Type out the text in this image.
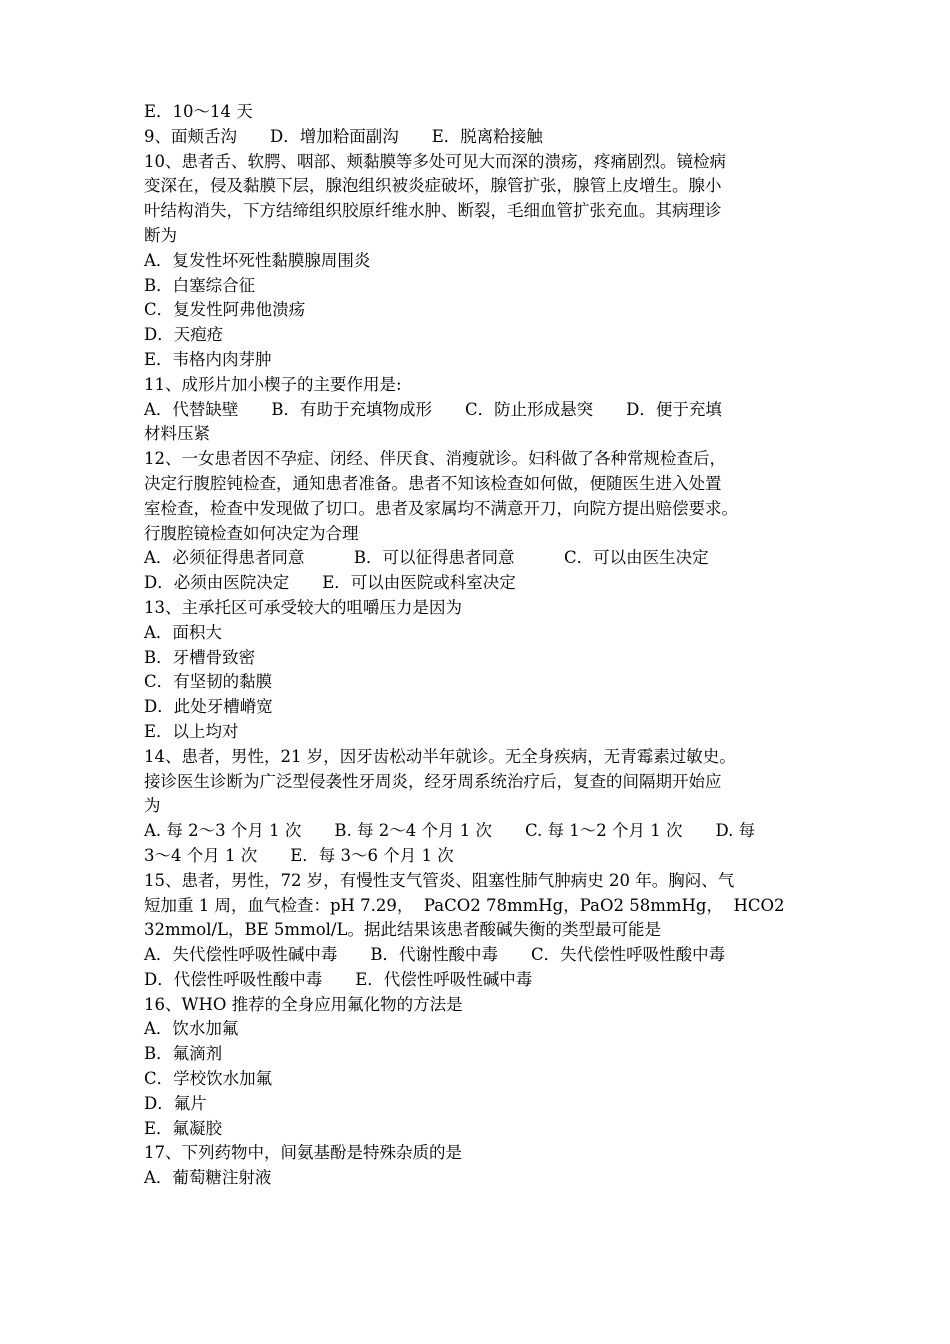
E．10～14 天
9、面颊舌沟　　D．增加粭面副沟　　E．脱离粭接触
10、患者舌、软腭、咽部、颊黏膜等多处可见大而深的溃疡，疼痛剧烈。镜检病
变深在，侵及黏膜下层，腺泡组织被炎症破坏，腺管扩张，腺管上皮增生。腺小
叶结构消失，下方结缔组织胶原纤维水肿、断裂，毛细血管扩张充血。其病理诊
断为
A．复发性坏死性黏膜腺周围炎
B．白塞综合征
C．复发性阿弗他溃疡
D．天疱疮
E．韦格内肉芽肿
11、成形片加小楔子的主要作用是:
A．代替缺壁　　B．有助于充填物成形　　C．防止形成悬突　　D．便于充填
材料压紧
12、一女患者因不孕症、闭经、伴厌食、消瘦就诊。妇科做了各种常规检查后，
决定行腹腔钝检查，通知患者准备。患者不知该检查如何做，便随医生进入处置
室检查，检查中发现做了切口。患者及家属均不满意开刀，向院方提出赔偿要求。
行腹腔镜检查如何决定为合理
A．必须征得患者同意　　　B．可以征得患者同意　　　C．可以由医生决定
D．必须由医院决定　　E．可以由医院或科室决定
13、主承托区可承受较大的咀嚼压力是因为
A．面积大
B．牙槽骨致密
C．有坚韧的黏膜
D．此处牙槽嵴宽
E．以上均对
14、患者，男性，21 岁，因牙齿松动半年就诊。无全身疾病，无青霉素过敏史。
接诊医生诊断为广泛型侵袭性牙周炎，经牙周系统治疗后，复查的间隔期开始应
为
A. 每 2～3 个月 1 次　　B. 每 2～4 个月 1 次　　C. 每 1～2 个月 1 次　　D. 每
3～4 个月 1 次　　E．每 3～6 个月 1 次
15、患者，男性，72 岁，有慢性支气管炎、阻塞性肺气肿病史 20 年。胸闷、气
短加重 1 周，血气检查：pH 7.29，  PaCO2 78mmHg，PaO2 58mmHg，  HCO2
32mmol/L，BE 5mmol/L。据此结果该患者酸碱失衡的类型最可能是
A．失代偿性呼吸性碱中毒　　B．代谢性酸中毒　　C．失代偿性呼吸性酸中毒
D．代偿性呼吸性酸中毒　　E．代偿性呼吸性碱中毒
16、WHO 推荐的全身应用氟化物的方法是
A．饮水加氟
B．氟滴剂
C．学校饮水加氟
D．氟片
E．氟凝胶
17、下列药物中，间氨基酚是特殊杂质的是
A．葡萄糖注射液
